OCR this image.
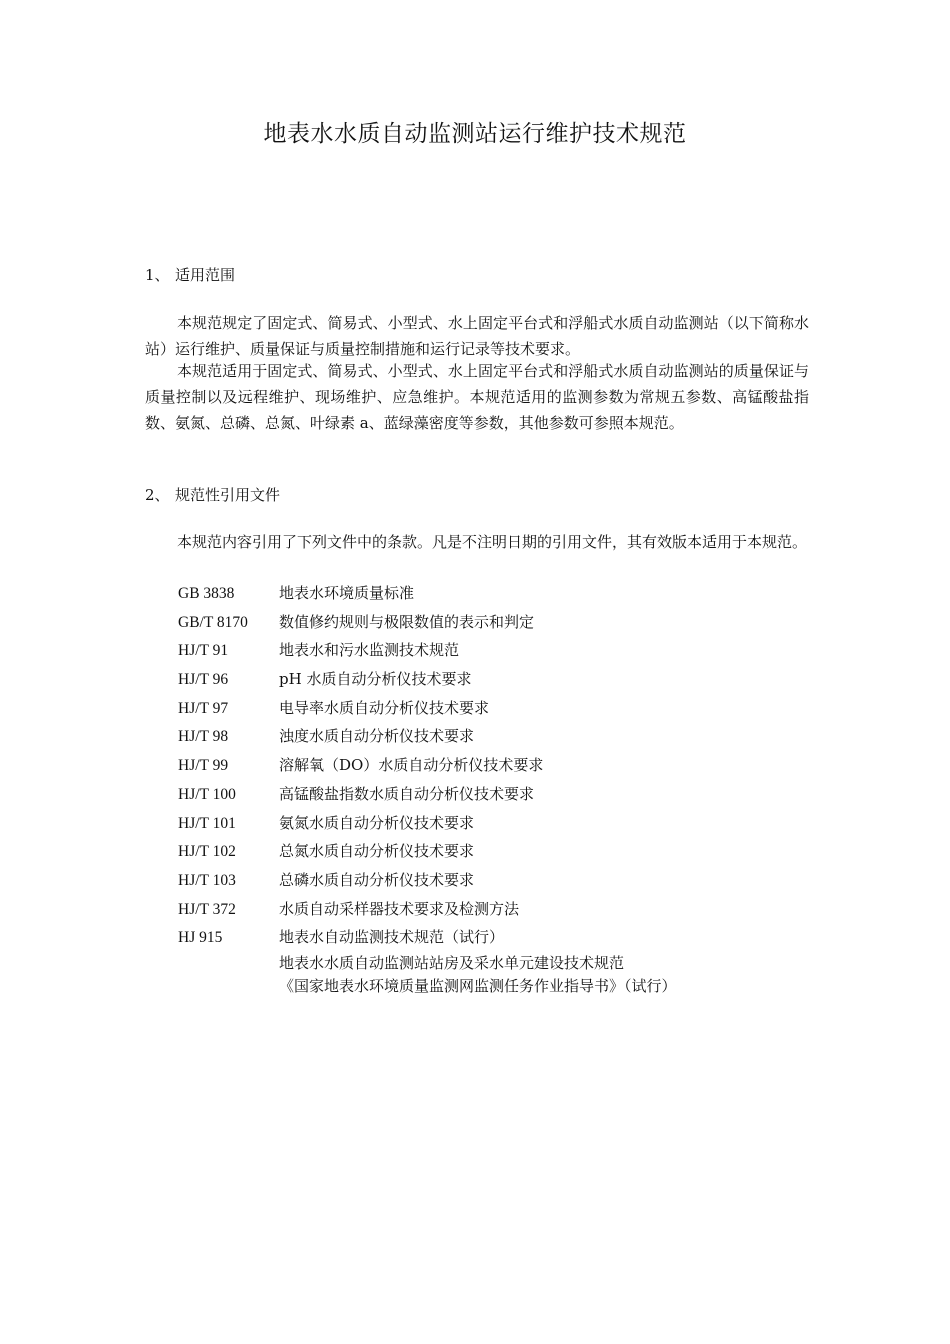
地表水水质自动监测站运行维护技术规范
1、 适用范围

本规范规定了固定式、简易式、小型式、水上固定平台式和浮船式水质自动监测站（以下简称水站）运行维护、质量保证与质量控制措施和运行记录等技术要求。

本规范适用于固定式、简易式、小型式、水上固定平台式和浮船式水质自动监测站的质量保证与质量控制以及远程维护、现场维护、应急维护。本规范适用的监测参数为常规五参数、高锰酸盐指数、氨氮、总磷、总氮、叶绿素 a、蓝绿藻密度等参数，其他参数可参照本规范。

2、 规范性引用文件

本规范内容引用了下列文件中的条款。凡是不注明日期的引用文件，其有效版本适用于本规范。

GB 3838	地表水环境质量标准
GB/T 8170 数值修约规则与极限数值的表示和判定
HJ/T 91	地表水和污水监测技术规范
HJ/T 96	pH 水质自动分析仪技术要求
HJ/T 97	电导率水质自动分析仪技术要求
HJ/T 98	浊度水质自动分析仪技术要求
HJ/T 99	溶解氧（DO）水质自动分析仪技术要求
HJ/T 100	高锰酸盐指数水质自动分析仪技术要求
HJ/T 101	氨氮水质自动分析仪技术要求
HJ/T 102	总氮水质自动分析仪技术要求
HJ/T 103	总磷水质自动分析仪技术要求
HJ/T 372	水质自动采样器技术要求及检测方法
HJ 915	地表水自动监测技术规范（试行）
地表水水质自动监测站站房及采水单元建设技术规范
《国家地表水环境质量监测网监测任务作业指导书》（试行）
